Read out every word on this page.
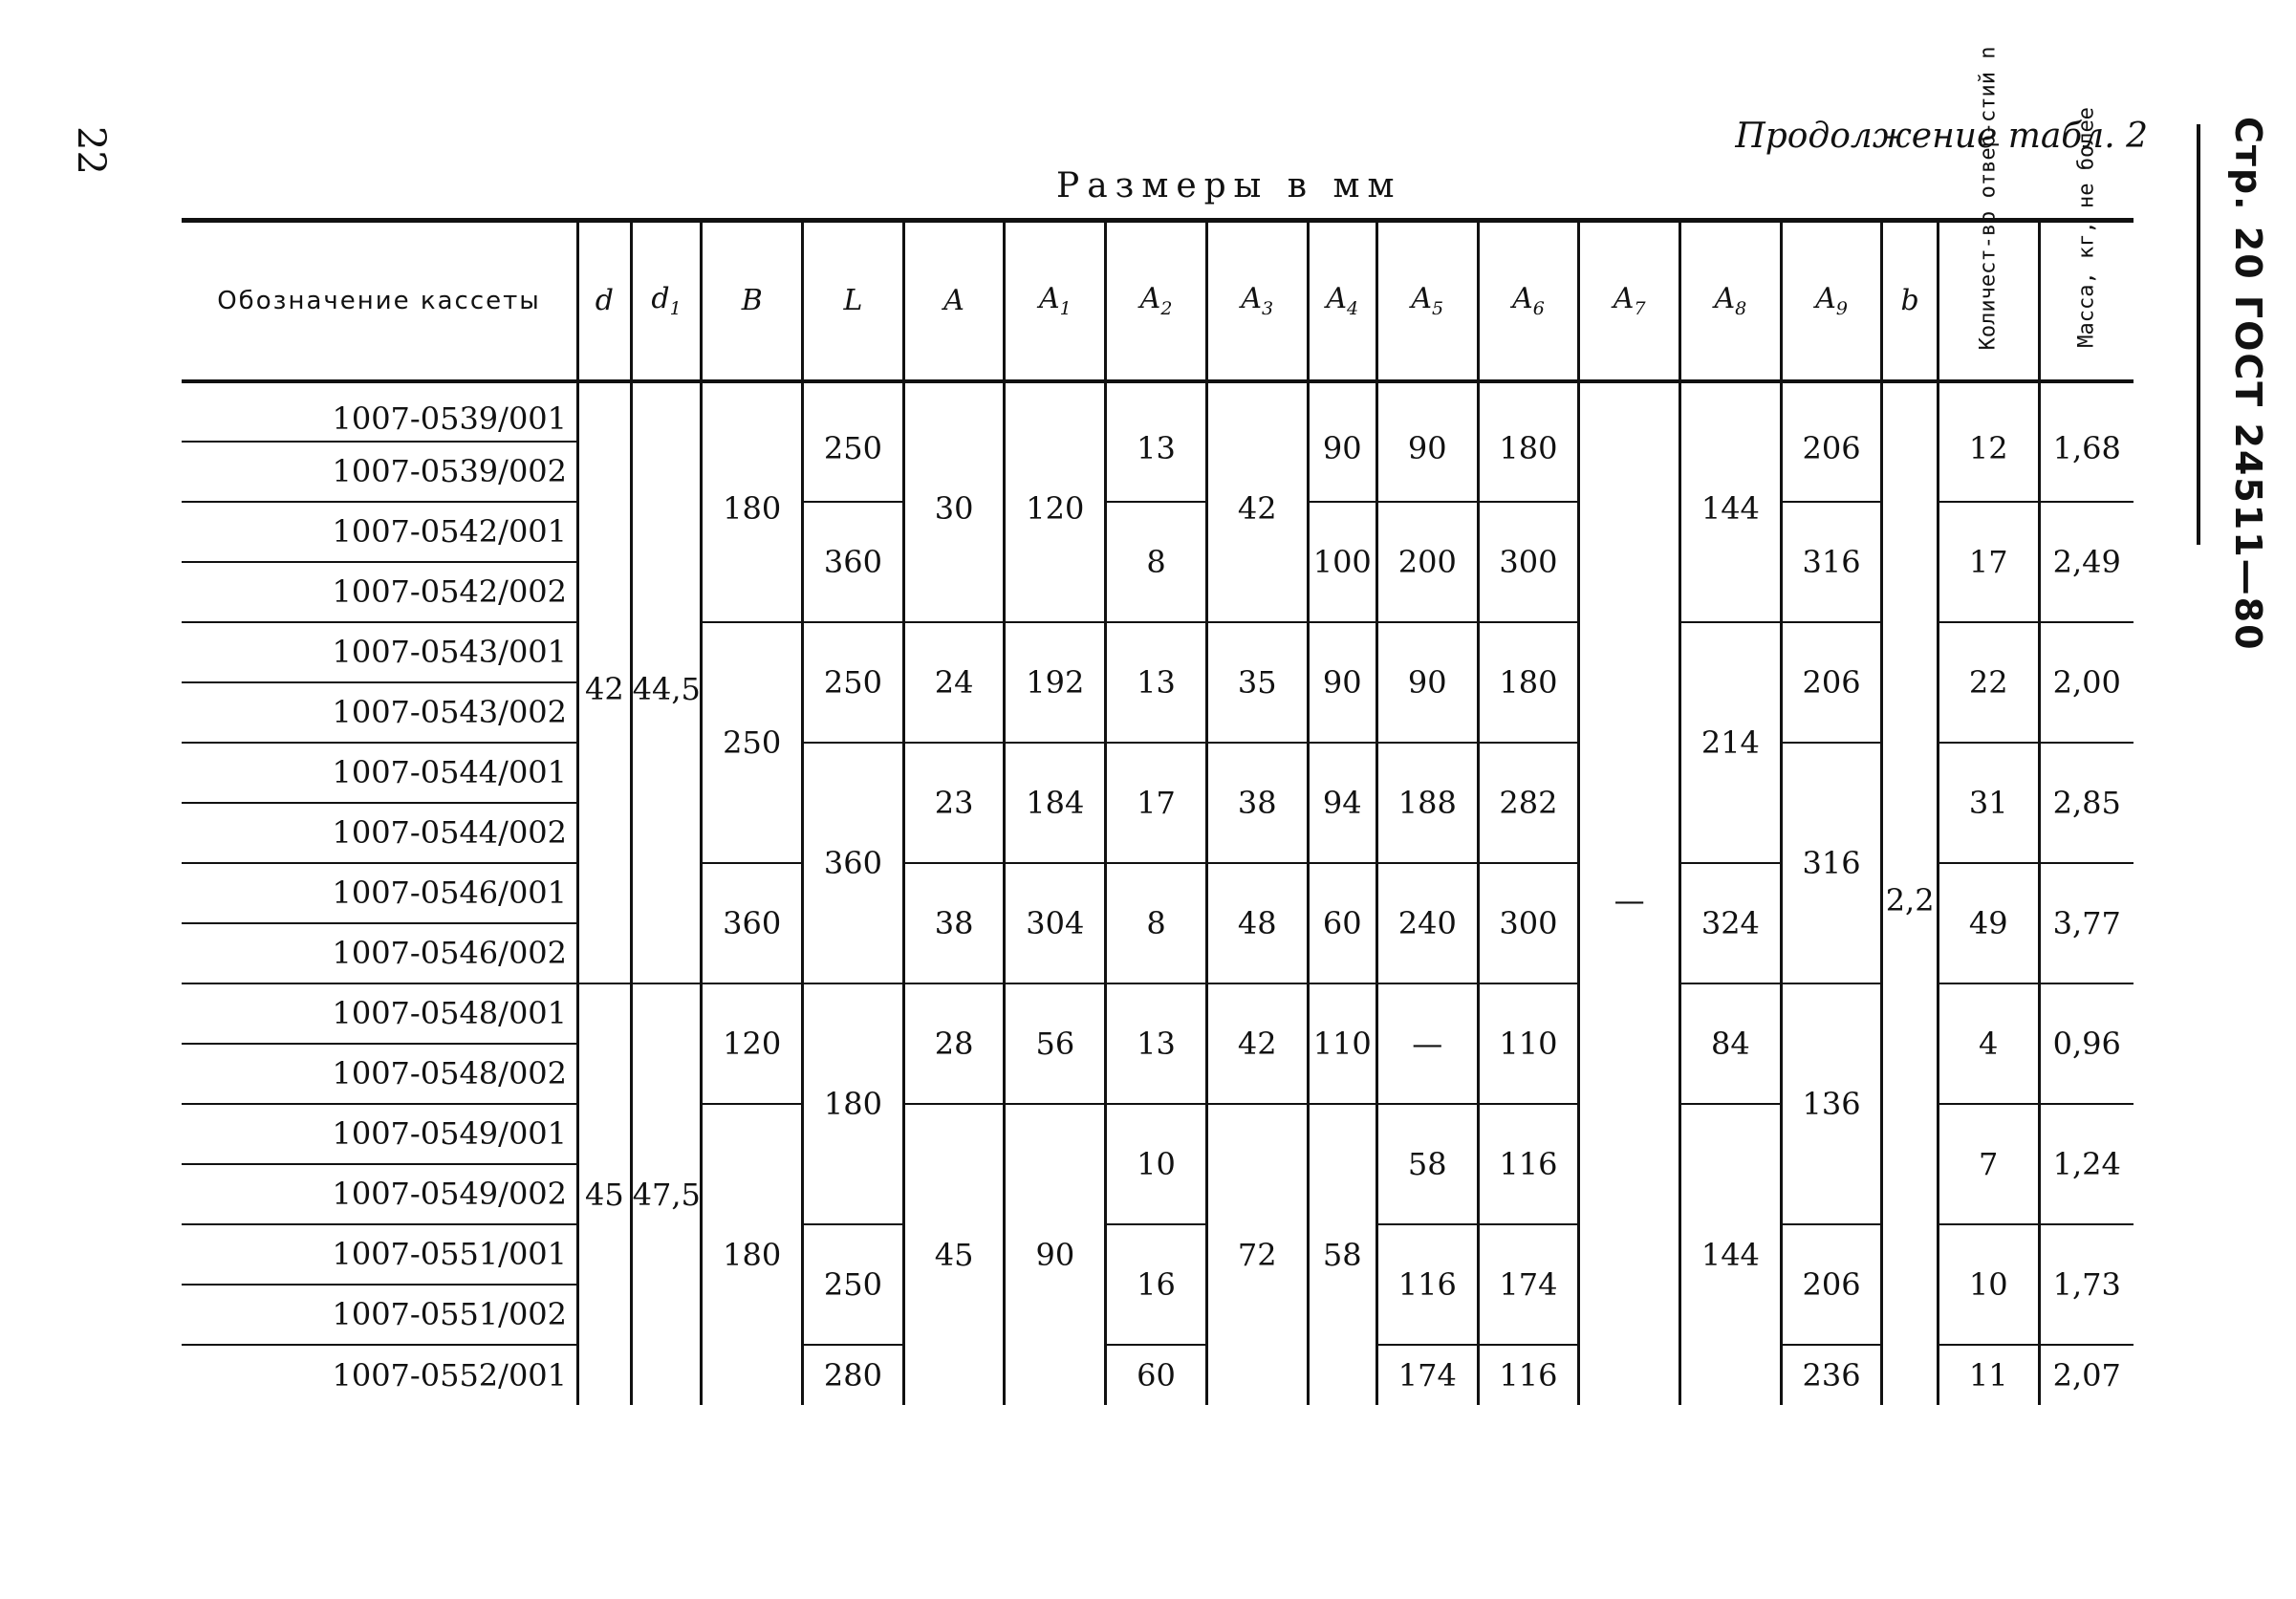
22	Продолжение табл. 2
Размеры в мм	Стр. 20 ГОСТ 24511—80
Обозначение кассеты	d	$d_1$	B	L	A	$A_1$	$A_2$	$A_3$	$A_4$	$A_5$	$A_6$	$A_7$	$A_8$	$A_9$	b	Количест-во отвер-стий n	Масса, кг, не более

1007-0539/001	42	44,5	180	250	30	120	13	42	90	90	180	—	144	206	2,2	12	1,68
1007-0539/002																	
1007-0542/001				360			8		100	200	300			316		17	2,49
1007-0542/002																	
1007-0543/001			250	250	24	192	13	35	90	90	180		214	206		22	2,00
1007-0543/002																	
1007-0544/001				360	23	184	17	38	94	188	282			316		31	2,85
1007-0544/002																	
1007-0546/001			360		38	304	8	48	60	240	300		324			49	3,77
1007-0546/002																	
1007-0548/001	45	47,5	120	180	28	56	13	42	110	—	110		84	136		4	0,96
1007-0548/002																	
1007-0549/001			180		45	90	10	72	58	58	116		144			7	1,24
1007-0549/002																	
1007-0551/001				250			16			116	174			206		10	1,73
1007-0551/002																	
1007-0552/001				280			60			174	116			236		11	2,07
